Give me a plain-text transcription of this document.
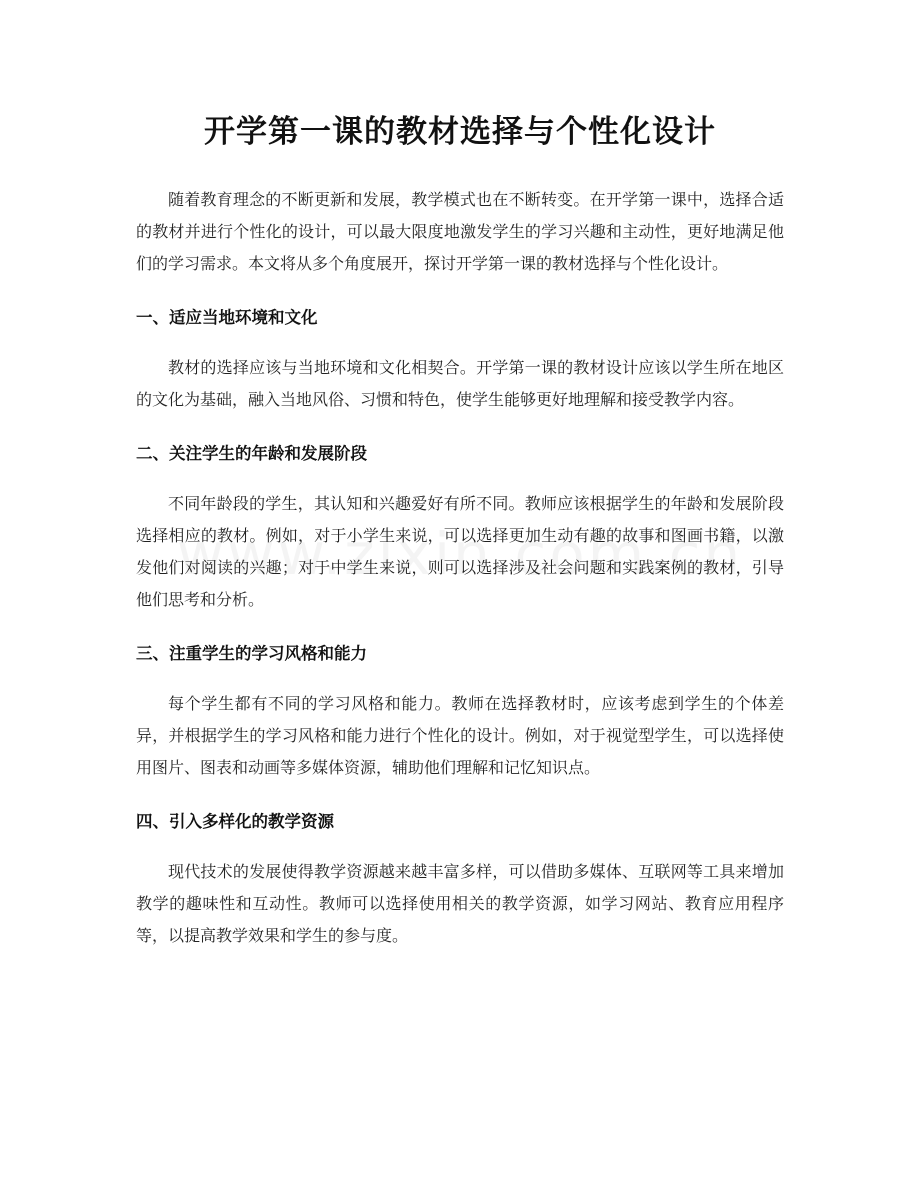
开学第一课的教材选择与个性化设计

随着教育理念的不断更新和发展，教学模式也在不断转变。在开学第一课中，选择合适的教材并进行个性化的设计，可以最大限度地激发学生的学习兴趣和主动性，更好地满足他们的学习需求。本文将从多个角度展开，探讨开学第一课的教材选择与个性化设计。

一、适应当地环境和文化

教材的选择应该与当地环境和文化相契合。开学第一课的教材设计应该以学生所在地区的文化为基础，融入当地风俗、习惯和特色，使学生能够更好地理解和接受教学内容。

二、关注学生的年龄和发展阶段

不同年龄段的学生，其认知和兴趣爱好有所不同。教师应该根据学生的年龄和发展阶段选择相应的教材。例如，对于小学生来说，可以选择更加生动有趣的故事和图画书籍，以激发他们对阅读的兴趣；对于中学生来说，则可以选择涉及社会问题和实践案例的教材，引导他们思考和分析。

三、注重学生的学习风格和能力

每个学生都有不同的学习风格和能力。教师在选择教材时，应该考虑到学生的个体差异，并根据学生的学习风格和能力进行个性化的设计。例如，对于视觉型学生，可以选择使用图片、图表和动画等多媒体资源，辅助他们理解和记忆知识点。

四、引入多样化的教学资源

现代技术的发展使得教学资源越来越丰富多样，可以借助多媒体、互联网等工具来增加教学的趣味性和互动性。教师可以选择使用相关的教学资源，如学习网站、教育应用程序等，以提高教学效果和学生的参与度。
